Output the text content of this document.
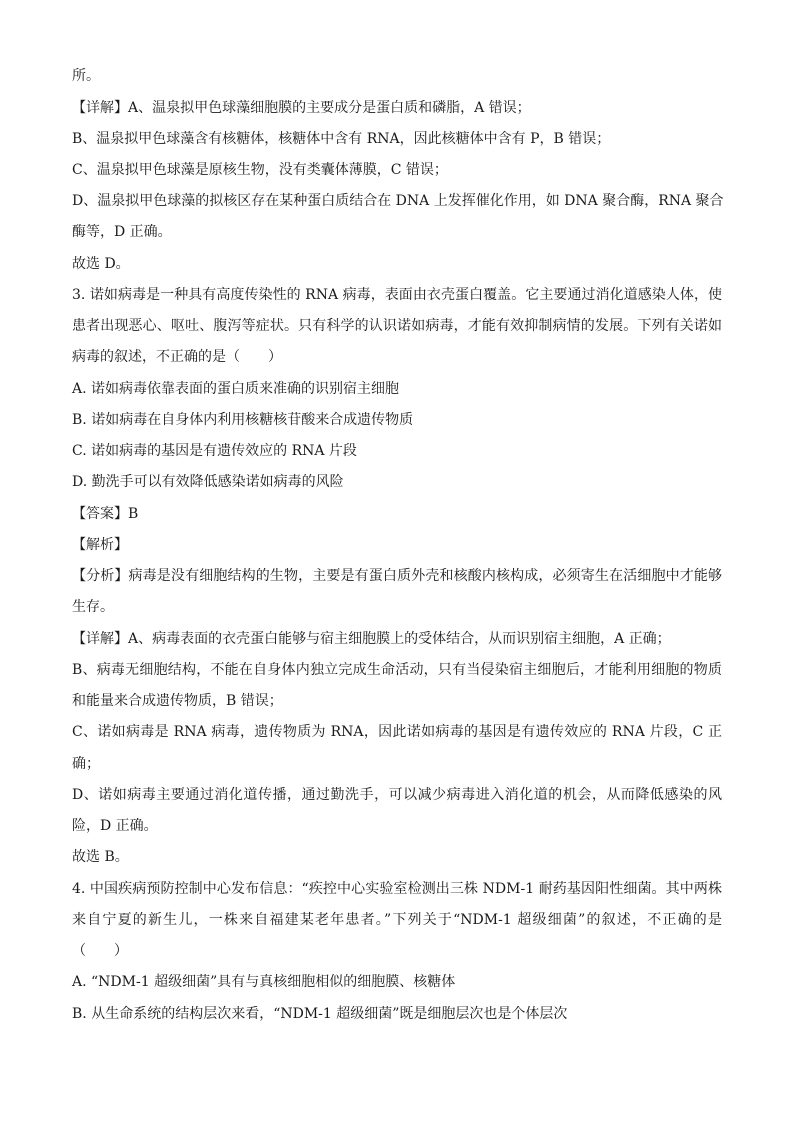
所。
【详解】A、温泉拟甲色球藻细胞膜的主要成分是蛋白质和磷脂，A 错误；
B、温泉拟甲色球藻含有核糖体，核糖体中含有 RNA，因此核糖体中含有 P，B 错误；
C、温泉拟甲色球藻是原核生物，没有类囊体薄膜，C 错误；
D、温泉拟甲色球藻的拟核区存在某种蛋白质结合在 DNA 上发挥催化作用，如 DNA 聚合酶，RNA 聚合
酶等，D 正确。
故选 D。
3. 诺如病毒是一种具有高度传染性的 RNA 病毒，表面由衣壳蛋白覆盖。它主要通过消化道感染人体，使
患者出现恶心、呕吐、腹泻等症状。只有科学的认识诺如病毒，才能有效抑制病情的发展。下列有关诺如
病毒的叙述，不正确的是（　　）
A. 诺如病毒依靠表面的蛋白质来准确的识别宿主细胞
B. 诺如病毒在自身体内利用核糖核苷酸来合成遗传物质
C. 诺如病毒的基因是有遗传效应的 RNA 片段
D. 勤洗手可以有效降低感染诺如病毒的风险
【答案】B
【解析】
【分析】病毒是没有细胞结构的生物，主要是有蛋白质外壳和核酸内核构成，必须寄生在活细胞中才能够
生存。
【详解】A、病毒表面的衣壳蛋白能够与宿主细胞膜上的受体结合，从而识别宿主细胞，A 正确；
B、病毒无细胞结构，不能在自身体内独立完成生命活动，只有当侵染宿主细胞后，才能利用细胞的物质
和能量来合成遗传物质，B 错误；
C、诺如病毒是 RNA 病毒，遗传物质为 RNA，因此诺如病毒的基因是有遗传效应的 RNA 片段，C 正
确；
D、诺如病毒主要通过消化道传播，通过勤洗手，可以减少病毒进入消化道的机会，从而降低感染的风
险，D 正确。
故选 B。
4. 中国疾病预防控制中心发布信息：“疾控中心实验室检测出三株 NDM-1 耐药基因阳性细菌。其中两株
来自宁夏的新生儿，一株来自福建某老年患者。”下列关于“NDM-1 超级细菌”的叙述，不正确的是
（　　）
A. “NDM-1 超级细菌”具有与真核细胞相似的细胞膜、核糖体
B. 从生命系统的结构层次来看，“NDM-1 超级细菌”既是细胞层次也是个体层次
